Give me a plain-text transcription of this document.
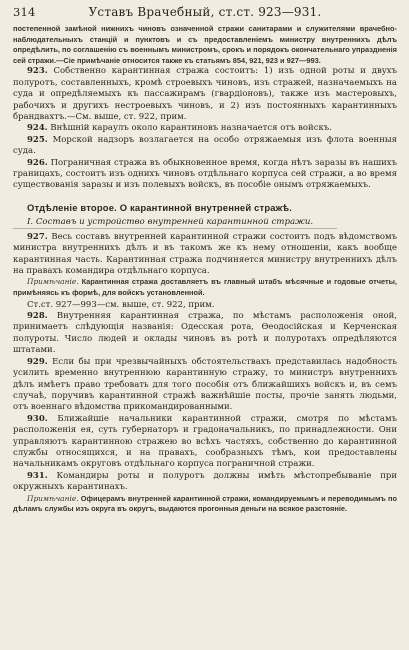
314	Уставъ Врачебный, ст.ст. 923—931.
постепенной замѣной нижнихъ чиновъ означенной стражи санитарами и служителями врачебно-наблюдательныхъ станцій и пунктовъ и съ предоставленіемъ министру внутреннихъ дѣлъ опредѣлить, по соглашенію съ военнымъ министромъ, срокъ и порядокъ окончательнаго упраздненія сей стражи.—Сіе примѣчаніе относится также къ статьямъ 854, 921, 923 и 927—993.

923. Собственно карантинная стража состоитъ: 1) изъ одной роты и двухъ полуротъ, составленныхъ, кромѣ строевыхъ чиновъ, изъ стражей, назначаемыхъ на суда и опредѣляемыхъ къ пассажирамъ (гвардіоновъ), также изъ мастеровыхъ, рабочихъ и другихъ нестроевыхъ чиновъ, и 2) изъ постоянныхъ карантинныхъ брандвахтъ.—См. выше, ст. 922, прим.

924. Внѣшній караулъ около карантиновъ назначается отъ войскъ.

925. Морской надзоръ возлагается на особо отряжаемыя изъ флота военныя суда.

926. Пограничная стража въ обыкновенное время, когда нѣтъ заразы въ нашихъ границахъ, состоитъ изъ однихъ чиновъ отдѣльнаго корпуса сей стражи, а во время существованія заразы и изъ полевыхъ войскъ, въ пособіе онымъ отряжаемыхъ.

Отдѣленіе второе. О карантинной внутренней стражѣ.
I. Составъ и устройство внутренней карантинной стражи.

927. Весь составъ внутренней карантинной стражи состоитъ подъ вѣдомствомъ министра внутреннихъ дѣлъ и въ такомъ же къ нему отношеніи, какъ вообще карантинная часть. Карантинная стража подчиняется министру внутреннихъ дѣлъ на правахъ командира отдѣльнаго корпуса.

Примѣчаніе. Карантинная стража доставляетъ въ главный штабъ мѣсячные и годовые отчеты, примѣняясь къ формѣ, для войскъ установленной.

Ст.ст. 927—993—см. выше, ст. 922, прим.

928. Внутренняя карантинная стража, по мѣстамъ расположенія оной, принимаетъ слѣдующія названія: Одесская рота, Ѳеодосійская и Керченская полуроты. Число людей и оклады чиновъ въ ротѣ и полуротахъ опредѣляются штатами.

929. Если бы при чрезвычайныхъ обстоятельствахъ представилась надобность усилить временно внутреннюю карантинную стражу, то министръ внутреннихъ дѣлъ имѣетъ право требовать для того пособія отъ ближайшихъ войскъ и, въ семъ случаѣ, поручивъ карантинной стражѣ важнѣйшіе посты, прочіе занять людьми, отъ военнаго вѣдомства прикомандированными.

930. Ближайшіе начальники карантинной стражи, смотря по мѣстамъ расположенія ея, суть губернаторъ и градоначальникъ, по принадлежности. Они управляютъ карантинною стражею во всѣхъ частяхъ, собственно до карантинной службы относящихся, и на правахъ, сообразныхъ тѣмъ, кои предоставлены начальникамъ округовъ отдѣльнаго корпуса пограничной стражи.

931. Командиры роты и полуротъ должны имѣть мѣстопребываніе при окружныхъ карантинахъ.

Примѣчаніе. Офицерамъ внутренней карантинной стражи, командируемымъ и переводимымъ по дѣламъ службы изъ округа въ округъ, выдаются прогонныя деньги на всякое разстояніе.
